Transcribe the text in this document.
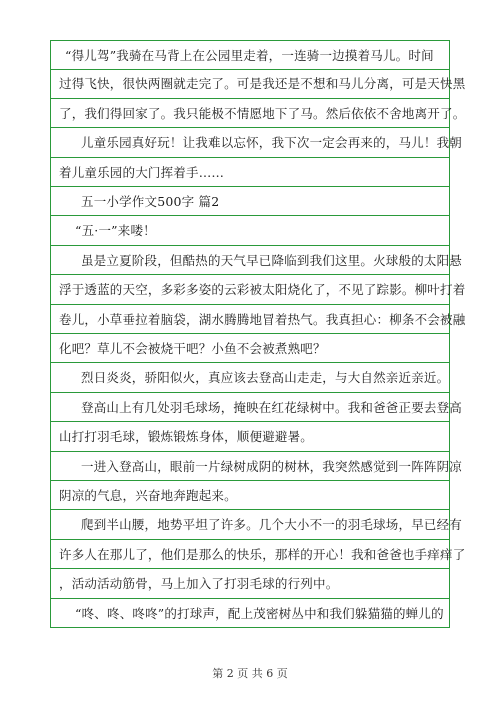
“得儿驾”我骑在马背上在公园里走着，一连骑一边摸着马儿。时间
过得飞快，很快两圈就走完了。可是我还是不想和马儿分离，可是天快黑
了，我们得回家了。我只能极不情愿地下了马。然后依依不舍地离开了。
儿童乐园真好玩！让我难以忘怀，我下次一定会再来的，马儿！我朝
着儿童乐园的大门挥着手……
五一小学作文500字 篇2
“五·一”来喽！
虽是立夏阶段，但酷热的天气早已降临到我们这里。火球般的太阳悬
浮于透蓝的天空，多彩多姿的云彩被太阳烧化了，不见了踪影。柳叶打着
卷儿，小草垂拉着脑袋，湖水腾腾地冒着热气。我真担心：柳条不会被融
化吧？草儿不会被烧干吧？小鱼不会被煮熟吧？
烈日炎炎，骄阳似火，真应该去登高山走走，与大自然亲近亲近。
登高山上有几处羽毛球场，掩映在红花绿树中。我和爸爸正要去登高
山打打羽毛球，锻炼锻炼身体，顺便避避暑。
一进入登高山，眼前一片绿树成阴的树林，我突然感觉到一阵阵阴凉
阴凉的气息，兴奋地奔跑起来。
爬到半山腰，地势平坦了许多。几个大小不一的羽毛球场，早已经有
许多人在那儿了，他们是那么的快乐，那样的开心！我和爸爸也手痒痒了
，活动活动筋骨，马上加入了打羽毛球的行列中。
“咚、咚、咚咚”的打球声，配上茂密树丛中和我们躲猫猫的蝉儿的
第 2 页 共 6 页
